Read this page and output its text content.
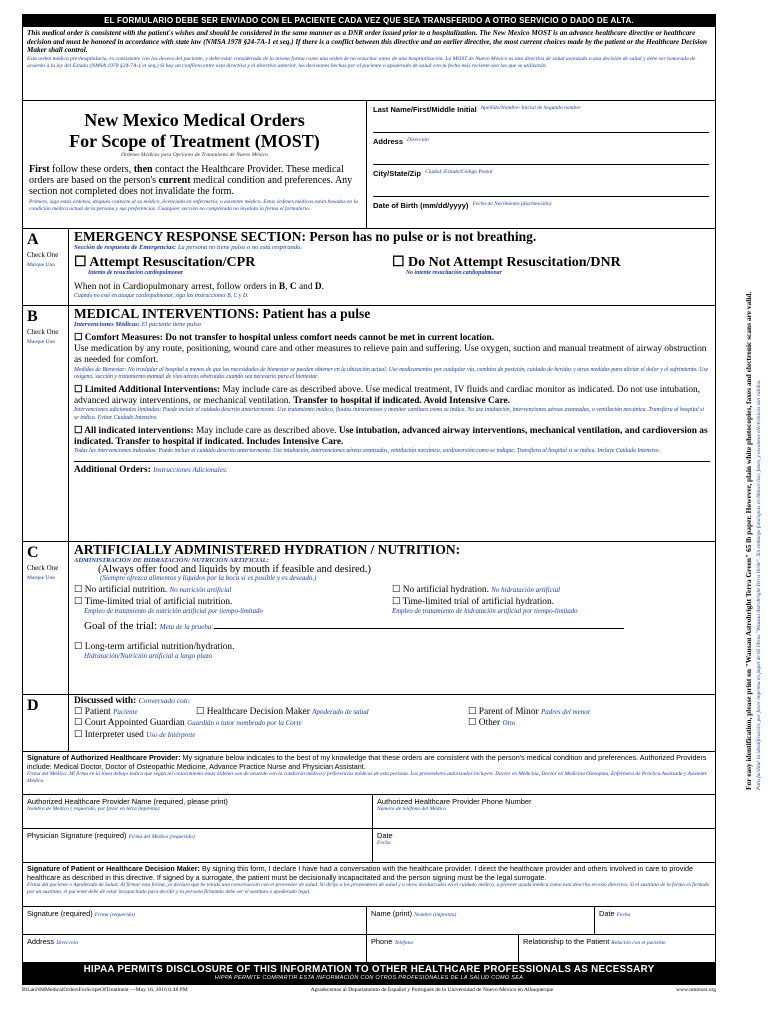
EL FORMULARIO DEBE SER ENVIADO CON EL PACIENTE CADA VEZ QUE SEA TRANSFERIDO A OTRO SERVICIO O DADO DE ALTA.
This medical order is consistent with the patient's wishes and should be considered in the same manner as a DNR order issued prior to a hospitalization. The New Mexico MOST is an advance healthcare directive or healthcare decision and must be honored in accordance with state law (NMSA 1978 §24-7A-1 et seq.) If there is a conflict between this directive and an earlier directive, the most current choices made by the patient or the Healthcare Decision Maker shall control.
Esta orden médica pre-hospitalaria, es consistente con los deseos del paciente, y debe estar considerada de la misma forma como una orden de no resucitar antes de una hospitalización. La MOST de Nuevo México es una directiva de salud avanzada o una decisión de salud y debe ser honorada de acuerdo a la ley del Estado (NMSA 1978 §24-7A-1 et seq.) Si hay un conflicto entre esta directiva y el directivo anterior, las decisiones hechas por el paciente o apoderado de salud con la fecha más reciente son las que se utilizarán.
New Mexico Medical Orders
For Scope of Treatment (MOST)
Órdenes Médicas para Opciones de Tratamiento de Nuevo México
First follow these orders, then contact the Healthcare Provider. These medical orders are based on the person's current medical condition and preferences. Any section not completed does not invalidate the form.
Primero, siga estas órdenes, después contacte al su médico, licenciado en enfermería, o asistente médico. Estas órdenes médicas están basadas en la condición médica actual de la persona y sus preferencias. Cualquier sección no completada no invalida la forma el formulario.
Last Name/First/Middle Initial Apellido/Nombre/ Inicial de Segundo nombre
Address Dirección
City/State/Zip Ciudad /Estado/Código Postal
Date of Birth (mm/dd/yyyy) Fecha de Nacimiento (dia/mes/año)
A
Check One
Marque Uno
EMERGENCY RESPONSE SECTION: Person has no pulse or is not breathing.
Sección de respuesta de Emergencias: La persona no tiene pulso o no está respirando.
☐ Attempt Resuscitation/CPR
Intento de resucitación cardiopulmonar
☐ Do Not Attempt Resuscitation/DNR
No intente resucitación cardiopulmonar
When not in Cardiopulmonary arrest, follow orders in B, C and D.
Cuando no esté en ataque cardiopulmonar, siga las instrucciones B, C y D.
B
Check One
Marque Uno
MEDICAL INTERVENTIONS: Patient has a pulse
Intervenciones Médicas: El paciente tiene pulso
☐ Comfort Measures: Do not transfer to hospital unless comfort needs cannot be met in current location.
Use medication by any route, positioning, wound care and other measures to relieve pain and suffering. Use oxygen, suction and manual treatment of airway obstruction as needed for comfort.
Medidas de Bienestar: No trasladar al hospital a menos de que las necesidades de bienestar se puedan obtener en la ubicación actual. Use medicamentos por cualquier vía, cambios de posición, cuidado de heridas y otras medidas para aliviar el dolor y el sufrimiento. Use oxígeno, succión y tratamiento manual de vías aéreas obstruidas cuando sea necesario para el bienestar.
☐ Limited Additional Interventions: May include care as described above. Use medical treatment, IV fluids and cardiac monitor as indicated. Do not use intubation, advanced airway interventions, or mechanical ventilation. Transfer to hospital if indicated. Avoid Intensive Care.
Intervenciones adicionales limitadas: Puede incluir el cuidado descrito anteriormente. Use tratamiento médico, fluidos intravenosos y monitor cardiaco como se indica. No use intubación, intervenciones aéreas avanzadas, o ventilación mecánica. Transfiera al hospital si se indica. Evitar Cuidado Intensivo.
☐ All indicated interventions: May include care as described above. Use intubation, advanced airway interventions, mechanical ventilation, and cardioversion as indicated. Transfer to hospital if indicated. Includes Intensive Care.
Todas las intervenciones indicadas: Puede incluir el cuidado descrito anteriormente. Use intubación, intervenciones aéreas avanzadas, ventilación mecánica, cardioversión como se indique. Transfiera al hospital si se indica. Incluye Cuidado Intensivo.
Additional Orders: Instrucciones Adicionales:
C
Check One
Marque Uno
ARTIFICIALLY ADMINISTERED HYDRATION / NUTRITION:
ADMINISTRACIÓN DE HIDRATACIÓN/ NUTRICIÓN ARTIFICIAL:
(Always offer food and liquids by mouth if feasible and desired.)
(Siempre ofrezca alimentos y líquidos por la boca si es posible y es deseado.)
☐ No artificial nutrition. No nutrición artificial	☐ No artificial hydration. No hidratación artificial
☐ Time-limited trial of artificial nutrition.
Empleo de tratamiento de nutrición artificial por tiempo-limitado
☐ Time-limited trial of artificial hydration.
Empleo de tratamiento de hidratación artificial por tiempo-limitado
Goal of the trial: Meta de la prueba:
☐ Long-term artificial nutrition/hydration.
Hidratación/Nutrición artificial a largo plazo
D	Discussed with: Conversado con:
☐ Patient Paciente	☐ Healthcare Decision Maker Apoderado de salud	☐ Parent of Minor Padres del menor
☐ Court Appointed Guardian Guardián o tutor nombrado por la Corte	☐ Other Otro
☐ Interpreter used Uso de Intérprete
Signature of Authorized Healthcare Provider: My signature below indicates to the best of my knowledge that these orders are consistent with the person's medical condition and preferences. Authorized Providers include: Medical Doctor, Doctor of Osteopathic Medicine, Advance Practice Nurse and Physician Assistant.
Firma del Médico: Mi firma en la línea debajo indica que según mi conocimiento estas órdenes son de acuerdo con la condición médica y preferencias médicas de esta persona. Los proveedores autorizados incluyen: Doctor en Medicina, Doctor en Medicina Osteopata, Enfermera de Práctica Avanzada y Asistente Médico.
Authorized Healthcare Provider Name (required, please print)
Nombre de Médico ( requerido, por favor en letra imprenta)
Authorized Healthcare Provider Phone Number
Número de teléfono del Médico
Physician Signature (required) Firma del Médico (requerido)	Date
Fecha
Signature of Patient or Healthcare Decision Maker: By signing this form, I declare I have had a conversation with the healthcare provider. I direct the healthcare provider and others involved in care to provide healthcare as described in this directive. If signed by a surrogate, the patient must be decisionally incapacitated and the person signing must be the legal surrogate.
Firma del paciente o Apoderado de Salud: Al firmar esta forma, yo declaro que he tenido una conversación con el proveedor de salud. Yo dirijo a los proveedores de salud y a otros involucrados en el cuidado médico, a proveer ayuda médica como está descrito en esta directiva. Si el sustituto de la forma es firmado por un sustituto, el paciente debe de estar incapacitado para decidir y la persona firmando debe ser el sustituto o apoderado legal.
Signature (required) Firma (requerida)	Name (print) Nombre (imprenta)	Date Fecha
Address Dirección	Phone Teléfono	Relationship to the Patient Relación con el paciente
HIPAA PERMITS DISCLOSURE OF THIS INFORMATION TO OTHER HEALTHCARE PROFESSIONALS AS NECESSARY
HIPPA PERMITE COMPARTIR ESTA INFORMACIÓN CON OTROS PROFESIONALES DE LA SALUD COMO SEA
BiLanNMMedicalOrdersForScopeOfTreatment —May 16, 2016 6:48 PM	Agradecemos al Departamento de Español y Portugués de la Universidad de Nuevo México en Albuquerque	www.nmmost.org
For easy identification, please print on "Wausau Astrobright Terra Green" 65 lb paper. However, plain white photocopies, faxes and electronic scans are valid. Para facilitar la identificación, por favor imprima en papel de 65 libras "Wausau Astrobright Terra Verde". Sin embargo fotocopias en blanco liso, faxes, y escaneos electrónicos son válidos.
